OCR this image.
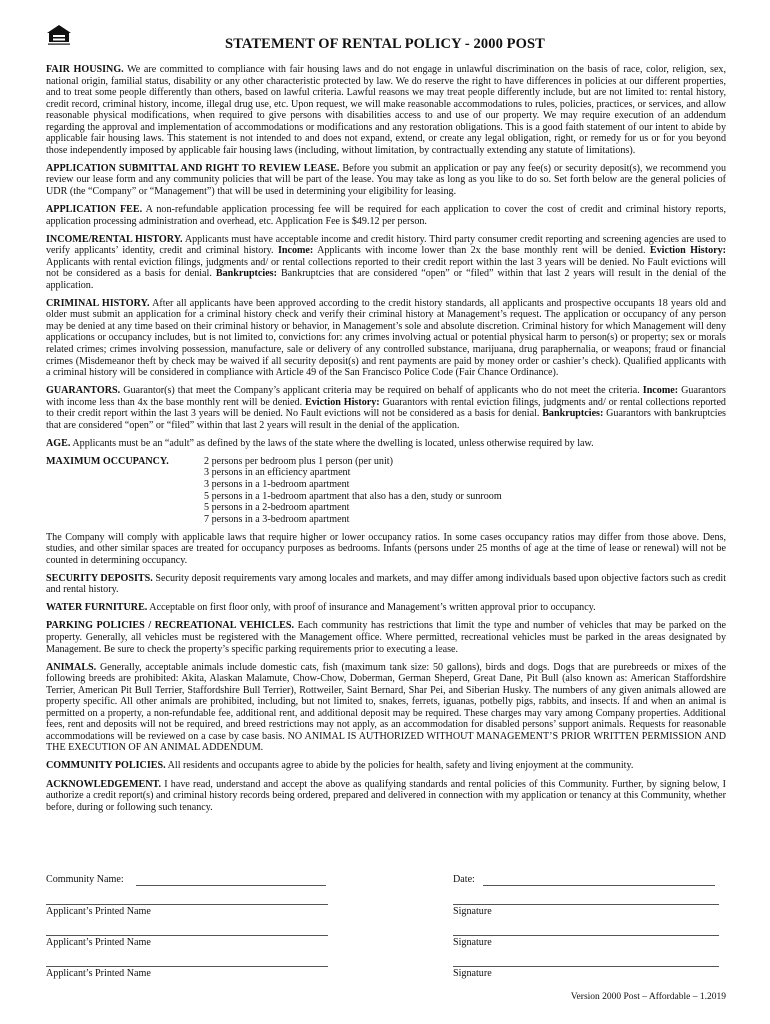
STATEMENT OF RENTAL POLICY - 2000 POST

FAIR HOUSING. We are committed to compliance with fair housing laws and do not engage in unlawful discrimination on the basis of race, color, religion, sex, national origin, familial status, disability or any other characteristic protected by law. We do reserve the right to have differences in policies at our different properties, and to treat some people differently than others, based on lawful criteria. Lawful reasons we may treat people differently include, but are not limited to: rental history, credit record, criminal history, income, illegal drug use, etc. Upon request, we will make reasonable accommodations to rules, policies, practices, or services, and allow reasonable physical modifications, when required to give persons with disabilities access to and use of our property. We may require execution of an addendum regarding the approval and implementation of accommodations or modifications and any restoration obligations. This is a good faith statement of our intent to abide by applicable fair housing laws. This statement is not intended to and does not expand, extend, or create any legal obligation, right, or remedy for us or for you beyond those independently imposed by applicable fair housing laws (including, without limitation, by contractually extending any statute of limitations).

APPLICATION SUBMITTAL AND RIGHT TO REVIEW LEASE. Before you submit an application or pay any fee(s) or security deposit(s), we recommend you review our lease form and any community policies that will be part of the lease. You may take as long as you like to do so. Set forth below are the general policies of UDR (the “Company” or “Management”) that will be used in determining your eligibility for leasing.

APPLICATION FEE. A non-refundable application processing fee will be required for each application to cover the cost of credit and criminal history reports, application processing administration and overhead, etc. Application Fee is $49.12 per person.

INCOME/RENTAL HISTORY. Applicants must have acceptable income and credit history. Third party consumer credit reporting and screening agencies are used to verify applicants’ identity, credit and criminal history. Income: Applicants with income lower than 2x the base monthly rent will be denied. Eviction History: Applicants with rental eviction filings, judgments and/ or rental collections reported to their credit report within the last 3 years will be denied. No Fault evictions will not be considered as a basis for denial. Bankruptcies: Bankruptcies that are considered “open” or “filed” within that last 2 years will result in the denial of the application.

CRIMINAL HISTORY. After all applicants have been approved according to the credit history standards, all applicants and prospective occupants 18 years old and older must submit an application for a criminal history check and verify their criminal history at Management’s request. The application or occupancy of any person may be denied at any time based on their criminal history or behavior, in Management’s sole and absolute discretion. Criminal history for which Management will deny applications or occupancy includes, but is not limited to, convictions for: any crimes involving actual or potential physical harm to person(s) or property; sex or morals related crimes; crimes involving possession, manufacture, sale or delivery of any controlled substance, marijuana, drug paraphernalia, or weapons; fraud or financial crimes (Misdemeanor theft by check may be waived if all security deposit(s) and rent payments are paid by money order or cashier’s check). Qualified applicants with a criminal history will be considered in compliance with Article 49 of the San Francisco Police Code (Fair Chance Ordinance).

GUARANTORS. Guarantor(s) that meet the Company’s applicant criteria may be required on behalf of applicants who do not meet the criteria. Income: Guarantors with income less than 4x the base monthly rent will be denied. Eviction History: Guarantors with rental eviction filings, judgments and/ or rental collections reported to their credit report within the last 3 years will be denied. No Fault evictions will not be considered as a basis for denial. Bankruptcies: Guarantors with bankruptcies that are considered “open” or “filed” within that last 2 years will result in the denial of the application.

AGE. Applicants must be an “adult” as defined by the laws of the state where the dwelling is located, unless otherwise required by law.

MAXIMUM OCCUPANCY.	2 persons per bedroom plus 1 person (per unit)
3 persons in an efficiency apartment
3 persons in a 1-bedroom apartment
5 persons in a 1-bedroom apartment that also has a den, study or sunroom
5 persons in a 2-bedroom apartment
7 persons in a 3-bedroom apartment

The Company will comply with applicable laws that require higher or lower occupancy ratios. In some cases occupancy ratios may differ from those above. Dens, studies, and other similar spaces are treated for occupancy purposes as bedrooms. Infants (persons under 25 months of age at the time of lease or renewal) will not be counted in determining occupancy.

SECURITY DEPOSITS. Security deposit requirements vary among locales and markets, and may differ among individuals based upon objective factors such as credit and rental history.

WATER FURNITURE. Acceptable on first floor only, with proof of insurance and Management’s written approval prior to occupancy.

PARKING POLICIES / RECREATIONAL VEHICLES. Each community has restrictions that limit the type and number of vehicles that may be parked on the property. Generally, all vehicles must be registered with the Management office. Where permitted, recreational vehicles must be parked in the areas designated by Management. Be sure to check the property’s specific parking requirements prior to executing a lease.

ANIMALS. Generally, acceptable animals include domestic cats, fish (maximum tank size: 50 gallons), birds and dogs. Dogs that are purebreeds or mixes of the following breeds are prohibited: Akita, Alaskan Malamute, Chow-Chow, Doberman, German Sheperd, Great Dane, Pit Bull (also known as: American Staffordshire Terrier, American Pit Bull Terrier, Staffordshire Bull Terrier), Rottweiler, Saint Bernard, Shar Pei, and Siberian Husky. The numbers of any given animals allowed are property specific. All other animals are prohibited, including, but not limited to, snakes, ferrets, iguanas, potbelly pigs, rabbits, and insects. If and when an animal is permitted on a property, a non-refundable fee, additional rent, and additional deposit may be required. These charges may vary among Company properties. Additional fees, rent and deposits will not be required, and breed restrictions may not apply, as an accommodation for disabled persons’ support animals. Requests for reasonable accommodations will be reviewed on a case by case basis. NO ANIMAL IS AUTHORIZED WITHOUT MANAGEMENT’S PRIOR WRITTEN PERMISSION AND THE EXECUTION OF AN ANIMAL ADDENDUM.

COMMUNITY POLICIES. All residents and occupants agree to abide by the policies for health, safety and living enjoyment at the community.

ACKNOWLEDGEMENT. I have read, understand and accept the above as qualifying standards and rental policies of this Community. Further, by signing below, I authorize a credit report(s) and criminal history records being ordered, prepared and delivered in connection with my application or tenancy at this Community, whether before, during or following such tenancy.

Community Name:	Date:
Applicant’s Printed Name	Signature
Applicant’s Printed Name	Signature
Applicant’s Printed Name	Signature
Version 2000 Post – Affordable – 1.2019
